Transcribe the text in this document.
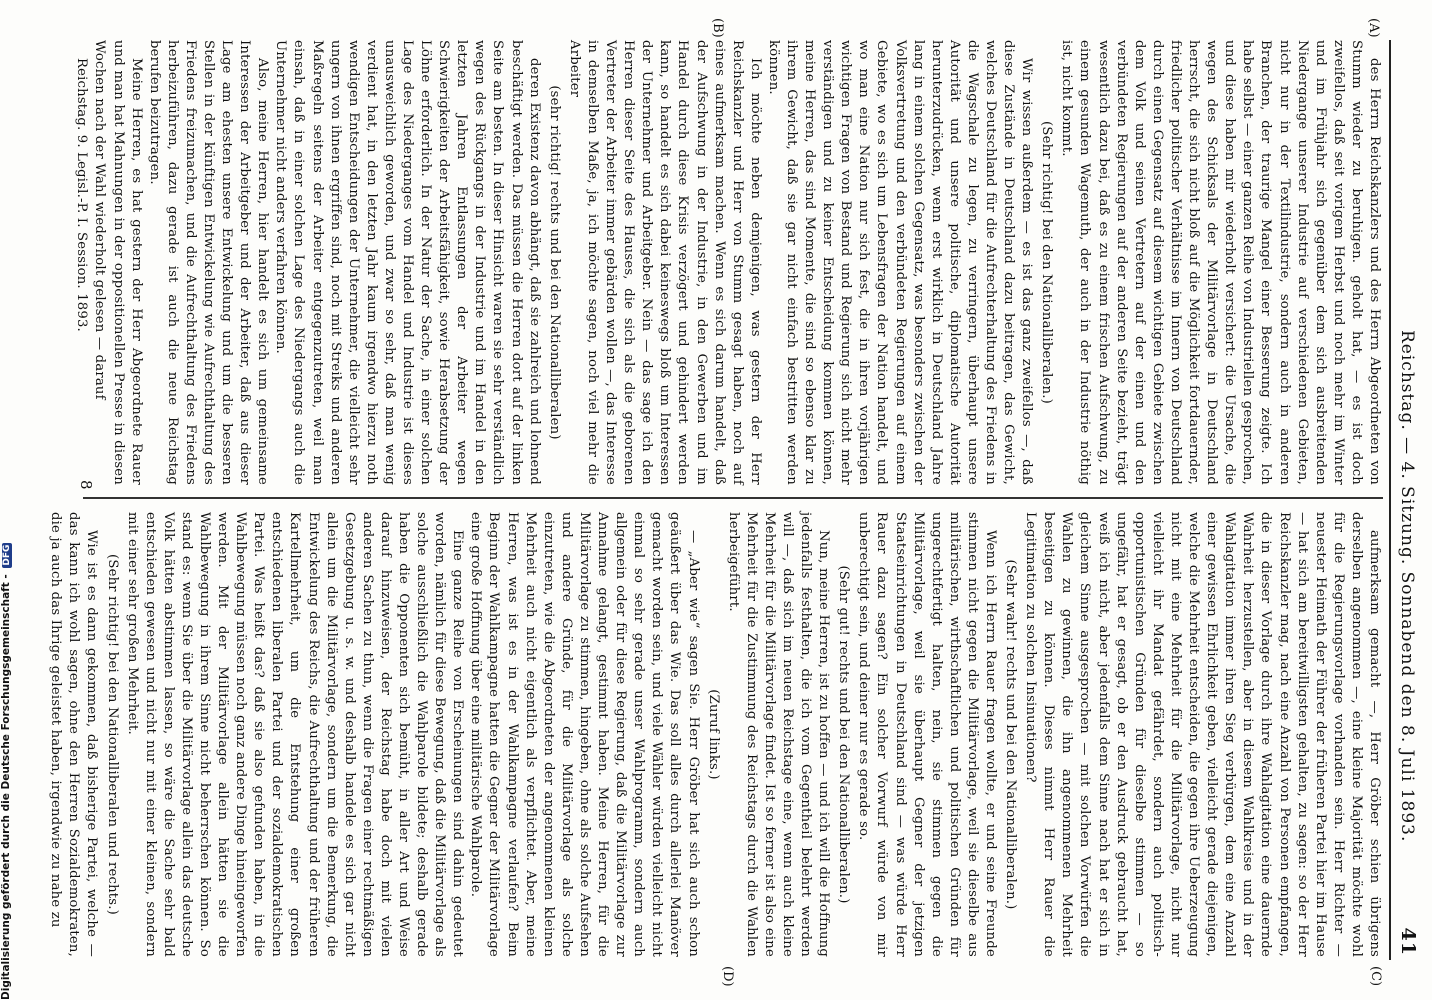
Reichstag. — 4. Sitzung. Sonnabend den 8. Juli 1893.
41
(A)
(B)
(C)
(D)

des Herrn Reichskanzlers und des Herrn Abgeordneten von Stumm wieder zu beruhigen. geholt hat, — es ist doch zweifellos, daß seit vorigem Herbst und noch mehr im Winter und im Frühjahr sich gegenüber dem sich ausbreitenden Niedergange unserer Industrie auf verschiedenen Gebieten, nicht nur in der Textilindustrie, sondern auch in anderen Branchen, der traurige Mangel einer Besserung zeigte. Ich habe selbst — einer ganzen Reihe von Industriellen gesprochen, und diese haben mir wiederholt versichert: die Ursache, die wegen des Schicksals der Militärvorlage in Deutschland herrscht, die sich nicht bloß auf die Möglichkeit fortdauernder, friedlicher politischer Verhältnisse im Innern von Deutschland durch einen Gegensatz auf diesem wichtigen Gebiete zwischen dem Volk und seinen Vertretern auf der einen und den verbündeten Regierungen auf der anderen Seite bezieht, trägt wesentlich dazu bei, daß es zu einem frischen Aufschwung, zu einem gesunden Wagemuth, der auch in der Industrie nöthig ist, nicht kommt.

(Sehr richtig! bei den Nationalliberalen.)

Wir wissen außerdem — es ist das ganz zweifellos —, daß diese Zustände in Deutschland dazu beitragen, das Gewicht, welches Deutschland für die Aufrechterhaltung des Friedens in die Wagschale zu legen, zu verringern, überhaupt unsere Autorität und unsere politische, diplomatische Autorität herunterzudrücken, wenn erst wirklich in Deutschland Jahre lang in einem solchen Gegensatz, was besonders zwischen der Volksvertretung und den verbündeten Regierungen auf einem Gebiete, wo es sich um Lebensfragen der Nation handelt, und wo man eine Nation nur sich fest, die in ihren vorjährigen wichtigen Fragen von Bestand und Regierung sich nicht mehr verständigen und zu keiner Entscheidung kommen können, meine Herren, das sind Momente, die sind so ebenso klar zu ihrem Gewicht, daß sie gar nicht einfach bestritten werden können.

Ich möchte neben demjenigen, was gestern der Herr Reichskanzler und Herr von Stumm gesagt haben, noch auf eines aufmerksam machen. Wenn es sich darum handelt, daß der Aufschwung in der Industrie, in den Gewerben und im Handel durch diese Krisis verzögert und gehindert werden kann, so handelt es sich dabei keineswegs bloß um Interessen der Unternehmer und Arbeitgeber. Nein — das sage ich den Herren dieser Seite des Hauses, die sich als die geborenen Vertreter der Arbeiter immer gebärden wollen —, das Interesse in demselben Maße, ja, ich möchte sagen, noch viel mehr die Arbeiter

(sehr richtig! rechts und bei den Nationalliberalen)

deren Existenz davon abhängt, daß sie zahlreich und lohnend beschäftigt werden. Das müssen die Herren dort auf der linken Seite am besten. In dieser Hinsicht waren sie sehr verständlich wegen des Rückgangs in der Industrie und im Handel in den letzten Jahren Entlassungen der Arbeiter wegen Schwierigkeiten der Arbeitsfähigkeit, sowie Herabsetzung der Löhne erforderlich. In der Natur der Sache, in einer solchen Lage des Niederganges vom Handel und Industrie ist dieses unausweichlich geworden, und zwar so sehr, daß man wenig verdient hat, in den letzten Jahr kaum irgendwo hierzu noth wendigen Entscheidungen der Unternehmer, die vielleicht sehr ungern von ihnen ergriffen sind, noch mit Streiks und anderen Maßregeln seitens der Arbeiter entgegenzutreten, weil man einsah, daß in einer solchen Lage des Niedergangs auch die Unternehmer nicht anders verfahren können.

Also, meine Herren, hier handelt es sich um gemeinsame Interessen der Arbeitgeber und der Arbeiter, daß aus dieser Lage am ehesten unsere Entwickelung und um die besseren Stellen in der künftigen Entwickelung wie Aufrechthaltung des Friedens freizumachen, und die Aufrechthaltung des Friedens herbeizuführen, dazu gerade ist auch die neue Reichstag berufen beizutragen.

Meine Herren, es hat gestern der Herr Abgeordnete Rauer und man hat Mahnungen in der oppositionellen Presse in diesen Wochen nach der Wahl wiederholt gelesen — darauf

Reichstag. 9. Legisl.-P. I. Session. 1893.

aufmerksam gemacht —, Herr Gröber schien übrigens derselben angenommen —, eine kleine Majorität möchte wohl für die Regierungsvorlage vorhanden sein. Herr Richter — neuester Heimath der Führer der früheren Partei hier im Hause — hat sich am bereitwilligsten gehalten, zu sagen: so der Herr Reichskanzler mag, nach eine Anzahl von Personen empfangen, die in dieser Vorlage durch ihre Wahlagitation eine dauernde Wahrheit herzustellen, aber in diesem Wahlkreise und in der Wahlagitation immer ihren Sieg verbürgen, dem eine Anzahl einer gewissen Ehrlichkeit geben, vielleicht gerade diejenigen, welche die Mehrheit entscheiden, die gegen ihre Ueberzeugung nicht mit eine Mehrheit für die Militärvorlage, nicht nur vielleicht ihr Mandat gefährdet, sondern auch politisch-opportunistischen Gründen für dieselbe stimmen — so ungefähr, hat er gesagt, ob er den Ausdruck gebraucht hat, weiß ich nicht, aber jedenfalls dem Sinne nach hat er sich in gleichem Sinne ausgesprochen — mit solchen Vorwürfen die Wahlen zu gewinnen, die ihn angenommenen Mehrheit beseitigen zu können. Dieses nimmt Herr Rauer die Legitimation zu solchen Insinuationen?

(Sehr wahr! rechts und bei den Nationalliberalen.)

Wenn ich Herrn Rauer fragen wollte, er und seine Freunde stimmen nicht gegen die Militärvorlage, weil sie dieselbe aus militärischen, wirthschaftlichen und politischen Gründen für ungerechtfertigt halten, nein, sie stimmen gegen die Militärvorlage, weil sie überhaupt Gegner der jetzigen Staatseinrichtungen in Deutschland sind — was würde Herr Rauer dazu sagen? Ein solcher Vorwurf würde von mir unberechtigt sein, und deiner nur es gerade so.

(Sehr gut! rechts und bei den Nationalliberalen.)

Nun, meine Herren, ist zu hoffen — und ich will die Hoffnung jedenfalls festhalten, die ich vom Gegentheil belehrt werden will —, daß sich im neuen Reichstage eine, wenn auch kleine Mehrheit für die Militärvorlage findet. Ist so ferner ist also eine Mehrheit für die Zustimmung des Reichstags durch die Wahlen herbeigeführt.

(Zuruf links.)

— „Aber wie“ sagen Sie. Herr Gröber hat sich auch schon geäußert über das Wie. Das soll alles durch allerlei Manöver gemacht worden sein, und viele Wähler würden vielleicht nicht einmal so sehr gerade unser Wahlprogramm, sondern auch allgemein oder für diese Regierung, daß die Militärvorlage zur Annahme gelangt, gestimmt haben. Meine Herren, für die Militärvorlage zu stimmen, hingeben, ohne als solche Aufsehen und andere Gründe, für die Militärvorlage als solche einzutreten, wie die Abgeordneten der angenommenen kleinen Mehrheit auch nicht eigentlich als verpflichtet. Aber, meine Herren, was ist es in der Wahlkampagne verlaufen? Beim Beginn der Wahlkampagne hatten die Gegner der Militärvorlage eine große Hoffnung über eine militärische Wahlparole.

Eine ganze Reihe von Erscheinungen sind dahin gedeutet worden, nämlich für diese Bewegung, daß die Militärvorlage als solche ausschließlich die Wahlparole bildete; deshalb gerade haben die Opponenten sich bemüht, in aller Art und Weise darauf hinzuweisen, der Reichstag habe doch mit vielen anderen Sachen zu thun, wenn die Fragen einer rechtmäßigen Gesetzgebung u. s. w. und deshalb handele es sich gar nicht allein um die Militärvorlage, sondern um die Bemerkung, die Entwickelung des Reichs, die Aufrechthaltung und der früheren Kartellmehrheit, um die Entstehung einer großen entschiedenen liberalen Partei und der sozialdemokratischen Partei. Was heißt das? daß sie also gefunden haben, in die Wahlbewegung müssen noch ganz andere Dinge hineingeworfen werden. Mit der Militärvorlage allein hätten sie die Wahlbewegung in ihrem Sinne nicht beherrschen können. So stand es: wenn Sie über die Militärvorlage allein das deutsche Volk hätten abstimmen lassen, so wäre die Sache sehr bald entschieden gewesen und nicht nur mit einer kleinen, sondern mit einer sehr großen Mehrheit.

(Sehr richtig! bei den Nationalliberalen und rechts.)

Wie ist es dann gekommen, daß bisherige Partei, welche — das kann ich wohl sagen, ohne den Herren Sozialdemokraten, die ja auch das Ihrige geleistet haben, irgendwie zu nahe zu

8
Digitalisierung gefördert durch die Deutsche Forschungsgemeinschaft - DFG
